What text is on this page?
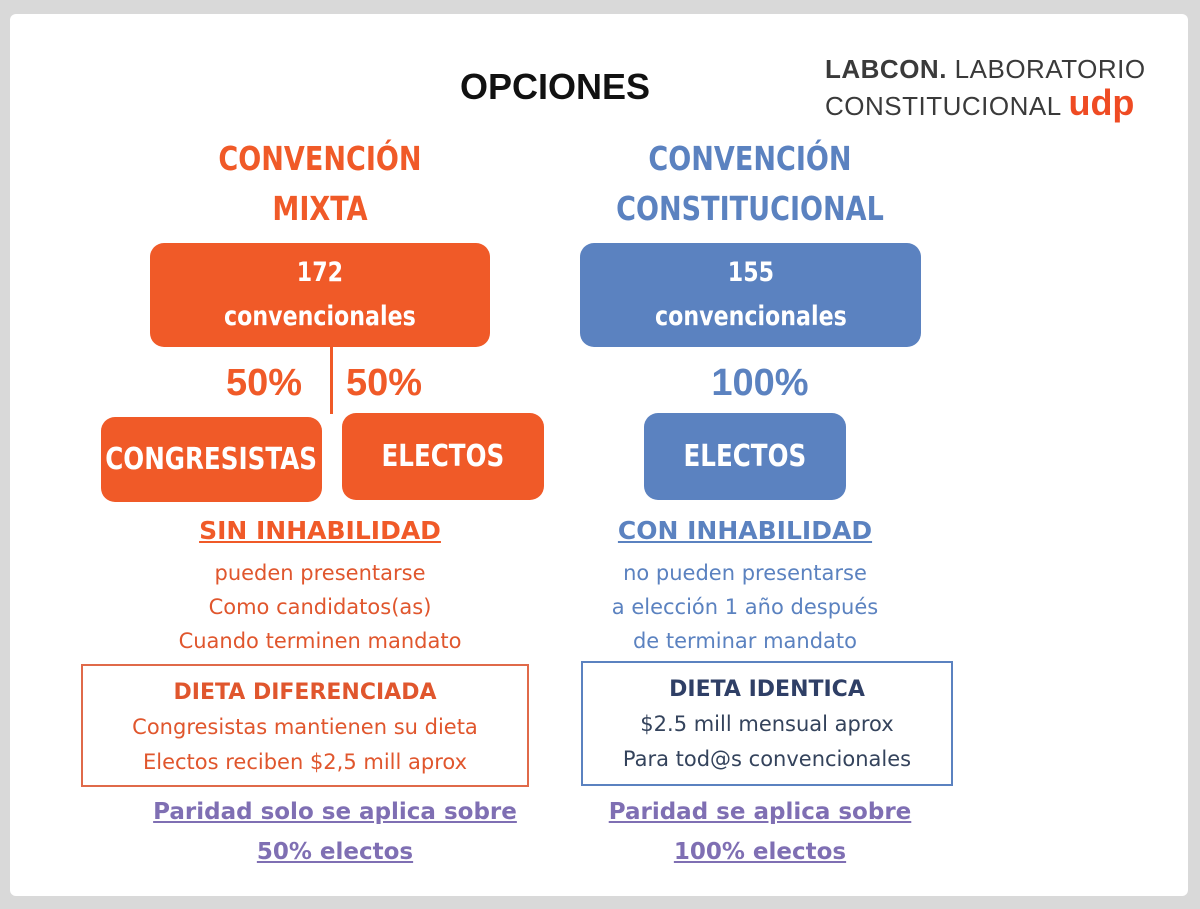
OPCIONES	LABCON. LABORATORIO
CONSTITUCIONAL udp
CONVENCIÓN
MIXTA
172
convencionales
50%	50%
CONGRESISTAS ELECTOS
SIN INHABILIDAD
pueden presentarse
Como candidatos(as)
Cuando terminen mandato
DIETA DIFERENCIADA
Congresistas mantienen su dieta
Electos reciben $2,5 mill aprox
Paridad solo se aplica sobre
50% electos
CONVENCIÓN
CONSTITUCIONAL
155
convencionales
100%
ELECTOS
CON INHABILIDAD
no pueden presentarse
a elección 1 año después
de terminar mandato
DIETA IDENTICA
$2.5 mill mensual aprox
Para tod@s convencionales
Paridad se aplica sobre
100% electos
